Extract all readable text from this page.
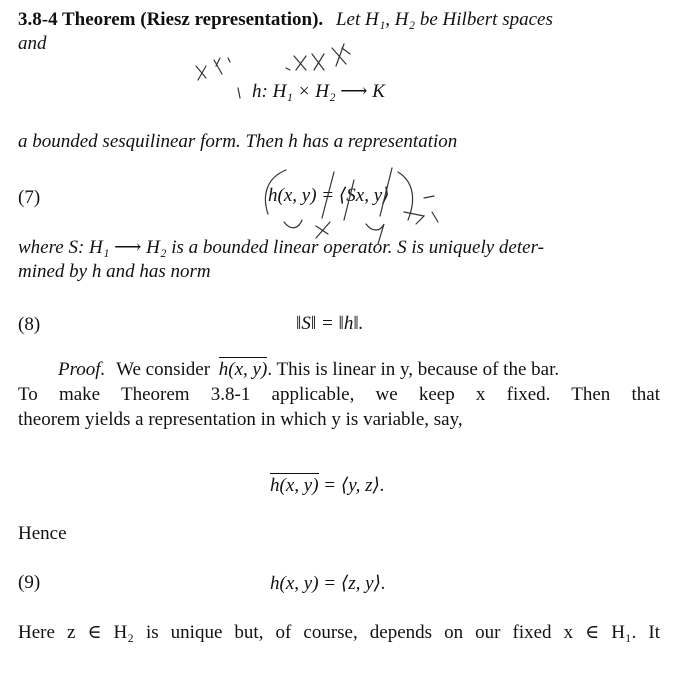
3.8-4 Theorem (Riesz representation). Let H₁, H₂ be Hilbert spaces
and
h: H₁ × H₂ ⟶ K
a bounded sesquilinear form. Then h has a representation
(7)	h(x, y) = ⟨Sx, y⟩
where S: H₁ ⟶ H₂ is a bounded linear operator. S is uniquely deter-
mined by h and has norm
(8)	‖S‖ = ‖h‖.
Proof. We consider h(x, y). This is linear in y, because of the bar.
To make Theorem 3.8-1 applicable, we keep x fixed. Then that
theorem yields a representation in which y is variable, say,
h(x, y) = ⟨y, z⟩.
Hence
(9)	h(x, y) = ⟨z, y⟩.
Here z ∈ H₂ is unique but, of course, depends on our fixed x ∈ H₁. It
